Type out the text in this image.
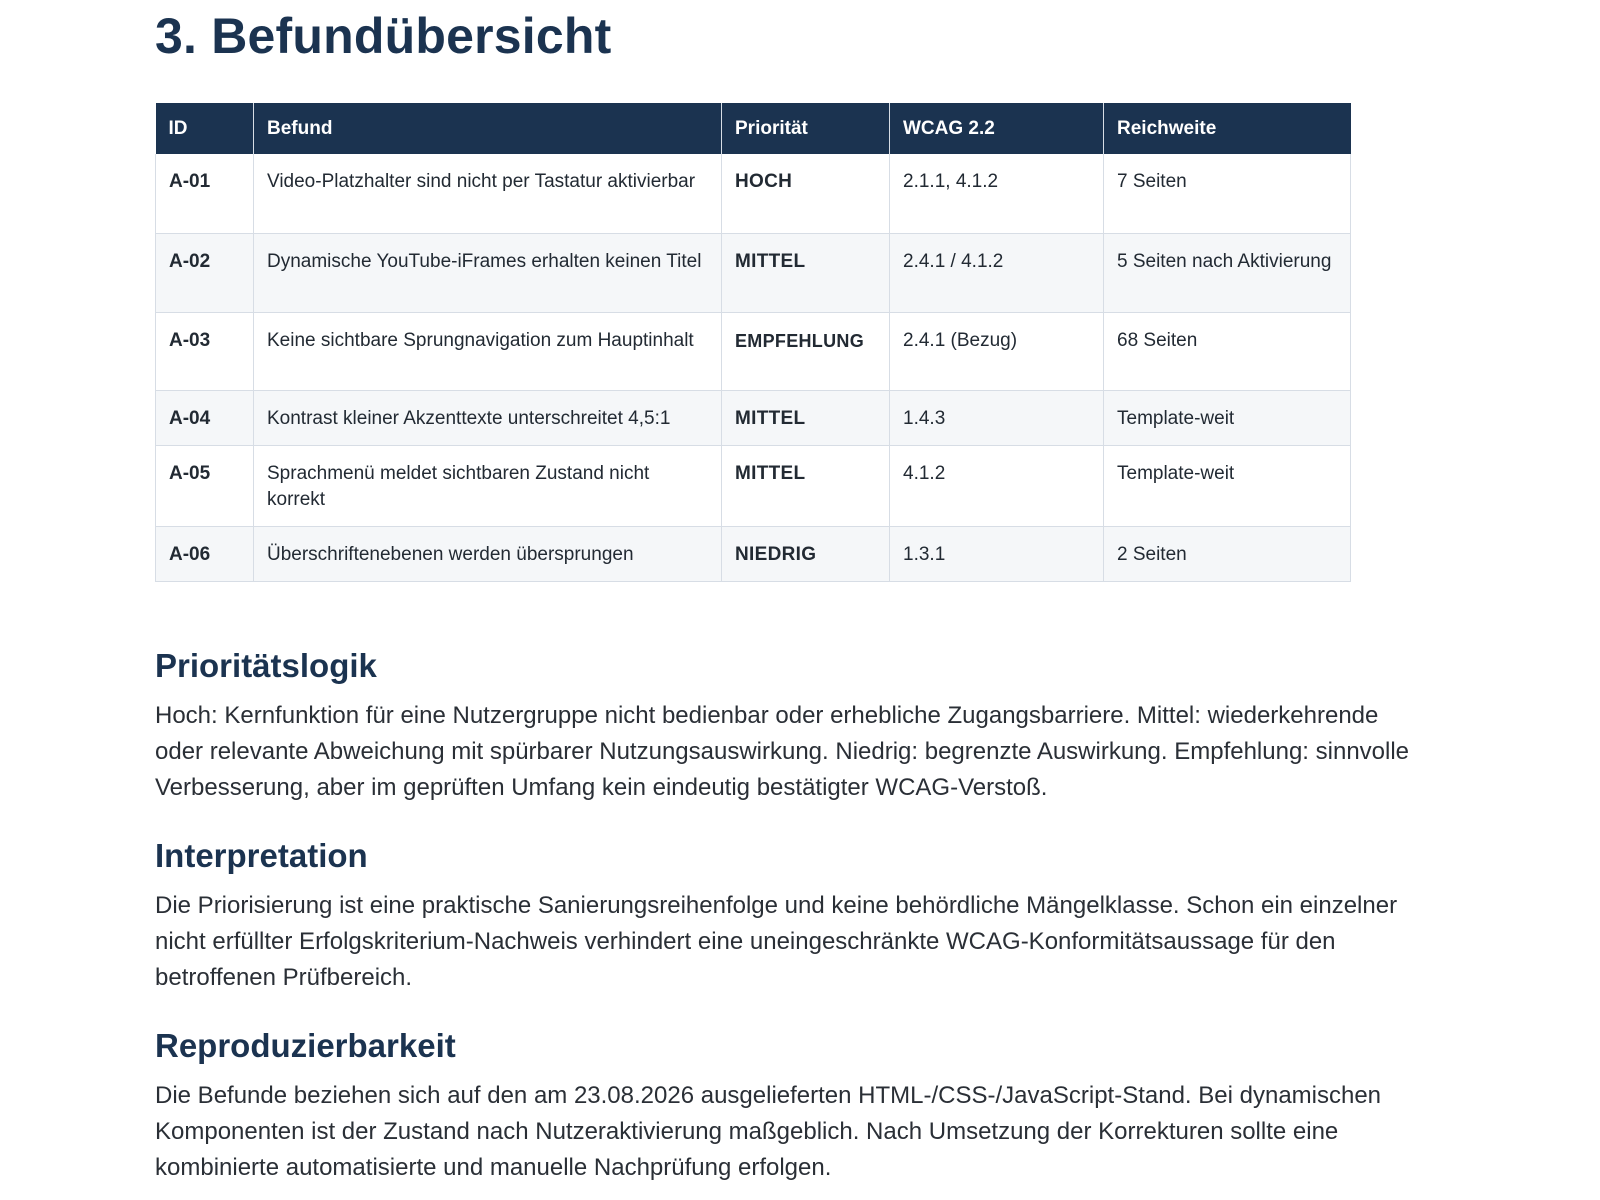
3. Befundübersicht
ID	Befund	Priorität	WCAG 2.2	Reichweite
A-01	Video-Platzhalter sind nicht per Tastatur aktivierbar	HOCH	2.1.1, 4.1.2	7 Seiten
A-02	Dynamische YouTube-iFrames erhalten keinen Titel	MITTEL	2.4.1 / 4.1.2	5 Seiten nach Aktivierung
A-03	Keine sichtbare Sprungnavigation zum Hauptinhalt	EMPFEHLUNG	2.4.1 (Bezug)	68 Seiten
A-04	Kontrast kleiner Akzenttexte unterschreitet 4,5:1	MITTEL	1.4.3	Template-weit
A-05	Sprachmenü meldet sichtbaren Zustand nicht korrekt	MITTEL	4.1.2	Template-weit
A-06	Überschriftenebenen werden übersprungen	NIEDRIG	1.3.1	2 Seiten
Prioritätslogik

Hoch: Kernfunktion für eine Nutzergruppe nicht bedienbar oder erhebliche Zugangsbarriere. Mittel: wiederkehrende oder relevante Abweichung mit spürbarer Nutzungsauswirkung. Niedrig: begrenzte Auswirkung. Empfehlung: sinnvolle Verbesserung, aber im geprüften Umfang kein eindeutig bestätigter WCAG-Verstoß.

Interpretation

Die Priorisierung ist eine praktische Sanierungsreihenfolge und keine behördliche Mängelklasse. Schon ein einzelner nicht erfüllter Erfolgskriterium-Nachweis verhindert eine uneingeschränkte WCAG-Konformitätsaussage für den betroffenen Prüfbereich.

Reproduzierbarkeit

Die Befunde beziehen sich auf den am 23.08.2026 ausgelieferten HTML-/CSS-/JavaScript-Stand. Bei dynamischen Komponenten ist der Zustand nach Nutzeraktivierung maßgeblich. Nach Umsetzung der Korrekturen sollte eine kombinierte automatisierte und manuelle Nachprüfung erfolgen.
